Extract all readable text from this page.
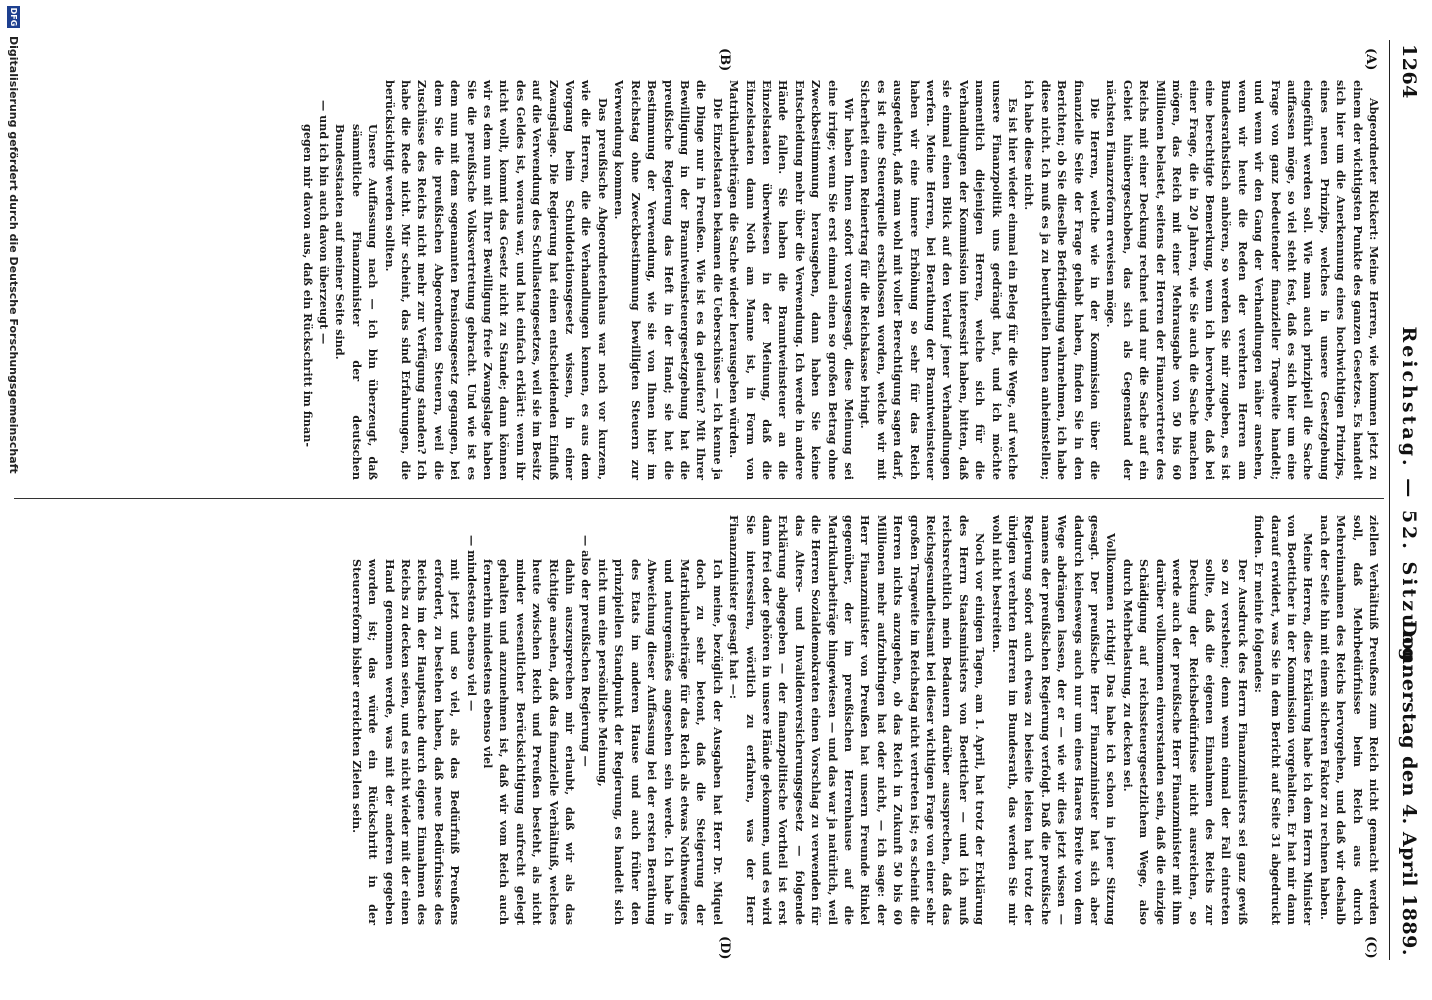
1264
Reichstag. — 52. Sitzung.
Donnerstag den 4. April 1889.
(A)
(B)
(C)
(D)

Abgeordneter Rickert: Meine Herren, wie kommen jetzt zu einem der wichtigsten Punkte des ganzen Gesetzes. Es handelt sich hier um die Anerkennung eines hochwichtigen Prinzips, eines neuen Prinzips, welches in unsere Gesetzgebung eingeführt werden soll. Wie man auch prinzipiell die Sache auffassen möge, so viel steht fest, daß es sich hier um eine Frage von ganz bedeutender finanzieller Tragweite handelt; und wenn wir den Gang der Verhandlungen näher ansehen, wenn wir heute die Reden der verehrten Herren am Bundesrathstisch anhören, so werden Sie mir zugeben, es ist eine berechtigte Bemerkung, wenn ich hervorhebe, daß bei einer Frage, die in 20 Jahren, wie Sie auch die Sache machen mögen, das Reich mit einer Mehrausgabe von 50 bis 60 Millionen belastet, seitens der Herren der Finanzvertreter des Reichs mit einer Deckung rechnet und nur die Sache auf ein Gebiet hinübergeschoben, das sich als Gegenstand der nächsten Finanzreform erweisen möge.

Die Herren, welche wie in der Kommission über die finanzielle Seite der Frage gehabt haben, finden Sie in den Berichten; ob Sie dieselbe Befriedigung wahrnehmen, ich habe diese nicht. Ich muß es ja zu beurtheilen Ihnen anheimstellen; ich habe diese nicht.

Es ist hier wieder einmal ein Beleg für die Wege, auf welche unsere Finanzpolitik uns gedrängt hat, und ich möchte namentlich diejenigen Herren, welche sich für die Verhandlungen der Kommission interessirt haben, bitten, daß sie einmal einen Blick auf den Verlauf jener Verhandlungen werfen. Meine Herren, bei Berathung der Branntweinsteuer haben wir eine innere Erhöhung so sehr für das Reich ausgedehnt, daß man wohl mit voller Berechtigung sagen darf, es ist eine Steuerquelle erschlossen worden, welche wir mit Sicherheit einen Reinertrag für die Reichskasse bringt.

Wir haben Ihnen sofort vorausgesagt, diese Meinung sei eine irrige; wenn Sie erst einmal einen so großen Betrag ohne Zweckbestimmung herausgeben, dann haben Sie keine Entscheidung mehr über die Verwendung. Ich werde in andere Hände fallen. Sie haben die Branntweinsteuer an die Einzelstaaten überwiesen in der Meinung, daß die Einzelstaaten dann Noth am Manne ist, in Form von Matrikularbeiträgen die Sache wieder herausgeben würden.

Die Einzelstaaten bekamen die Ueberschüsse — ich kenne ja die Dinge nur in Preußen. Wie ist es da gelaufen? Mit Ihrer Bewilligung in der Branntweinsteuergesetzgebung hat die preußische Regierung das Heft in der Hand; sie hat die Bestimmung der Verwendung, wie sie von Ihnen hier im Reichstag ohne Zweckbestimmung bewilligten Steuern zur Verwendung kommen.

Das preußische Abgeordnetenhaus war noch vor kurzem, wie die Herren, die die Verhandlungen kennen, es aus dem Vorgang beim Schuldotationsgesetz wissen, in einer Zwangslage. Die Regierung hat einen entscheidenden Einfluß auf die Verwendung des Schullastengesetzes, weil sie im Besitz des Geldes ist, woraus war, und hat einfach erklärt: wenn ihr nicht wollt, kommt das Gesetz nicht zu Stande; dann können wir es dem nun mit Ihrer Bewilligung freie Zwangslage haben Sie die preußische Volksvertretung gebracht. Und wie ist es dem nun mit dem sogenannten Pensionsgesetz gegangen, bei dem Sie die preußischen Abgeordneten Steuern, weil die Zuschüsse des Reichs nicht mehr zur Verfügung standen? Ich habe die Rede nicht. Mir scheint, das sind Erfahrungen, die berücksichtigt werden sollten.

Unsere Auffassung nach — ich bin überzeugt, daß sämmtliche Finanzminister der deutschen Bundesstaaten auf meiner Seite sind.

— und ich bin auch davon überzeugt —

gegen mir davon aus, daß ein Rückschritt im finan-

ziellen Verhältniß Preußens zum Reich nicht gemacht werden soll, daß Mehrbedürfnisse beim Reich aus durch Mehreinnahmen des Reichs hervorgehen, und daß wir deshalb nach der Seite hin mit einem sicheren Faktor zu rechnen haben.

Meine Herren, diese Erklärung habe ich dem Herrn Minister von Boetticher in der Kommission vorgehalten. Er hat mir dann darauf erwidert, was Sie in dem Bericht auf Seite 31 abgedruckt finden. Er meinte folgendes:

Der Ausdruck des Herrn Finanzministers sei ganz gewiß so zu verstehen; denn wenn einmal der Fall eintreten sollte, daß die eigenen Einnahmen des Reichs zur Deckung der Reichsbedürfnisse nicht ausreichen, so werde auch der preußische Herr Finanzminister mit ihm darüber vollkommen einverstanden sein, daß die einzige Schädigung auf reichssteuergesetzlichem Wege, also durch Mehrbelastung, zu decken sei.

Vollkommen richtig! Das habe ich schon in jener Sitzung gesagt. Der preußische Herr Finanzminister hat sich aber dadurch keineswegs auch nur um eines Haares Breite von dem Wege abdrängen lassen, der er — wie wir dies jetzt wissen — namens der preußischen Regierung verfolgt. Daß die preußische Regierung sofort auch etwas zu beiseite leisten hat trotz der übrigen verehrten Herren im Bundesrath, das werden Sie mir wohl nicht bestreiten.

Noch vor einigen Tagen, am 1. April, hat trotz der Erklärung des Herrn Staatsministers von Boetticher — und ich muß reichsrechtlich mein Bedauern darüber aussprechen, daß das Reichsgesundheitsamt bei dieser wichtigen Frage von einer sehr großen Tragweite im Reichstag nicht vertreten ist; es scheint die Herren nichts anzugehen, ob das Reich in Zukunft 50 bis 60 Millionen mehr aufzubringen hat oder nicht, — ich sage: der Herr Finanzminister von Preußen hat unsern Freunde Rinkel gegenüber, der im preußischen Herrenhause auf die Matrikularbeiträge hingewiesen — und das war ja natürlich, weil die Herren Sozialdemokraten einen Vorschlag zu verwenden für das Alters- und Invalidenversicherungsgesetz — folgende Erklärung abgegeben — der finanzpolitische Vortheil ist erst dann frei oder gehören in unsere Hände gekommen, und es wird Sie interessiren, wörtlich zu erfahren, was der Herr Finanzminister gesagt hat —:

Ich meine, bezüglich der Ausgaben hat Herr Dr. Miquel doch zu sehr betont, daß die Steigerung der Matrikularbeiträge für das Reich als etwas Nothwendiges und naturgemäßes angesehen sein werde. Ich habe in Abweichung dieser Auffassung bei der ersten Berathung des Etats im anderen Hause und auch früher den prinzipiellen Standpunkt der Regierung, es handelt sich nicht um eine persönliche Meinung,

— also der preußischen Regierung —

dahin auszusprechen mir erlaubt, daß wir als das Richtige ansehen, daß das finanzielle Verhältniß, welches heute zwischen Reich und Preußen besteht, als nicht minder wesentlicher Berücksichtigung aufrecht gelegt gehalten und anzunehmen ist, daß wir vom Reich auch fernerhin mindestens ebenso viel

— mindestens ebenso viel —

mit jetzt und so viel, als das Bedürfniß Preußens erfordert, zu bestehen haben, daß neue Bedürfnisse des Reichs im der Hauptsache durch eigene Einnahmen des Reichs zu decken seien, und es nicht wieder mit der einen Hand genommen werde, was mit der anderen gegeben worden ist; das würde ein Rückschritt in der Steuerreform bisher erreichten Zielen sein.

DFG
Digitalisierung gefördert durch die Deutsche Forschungsgemeinschaft
